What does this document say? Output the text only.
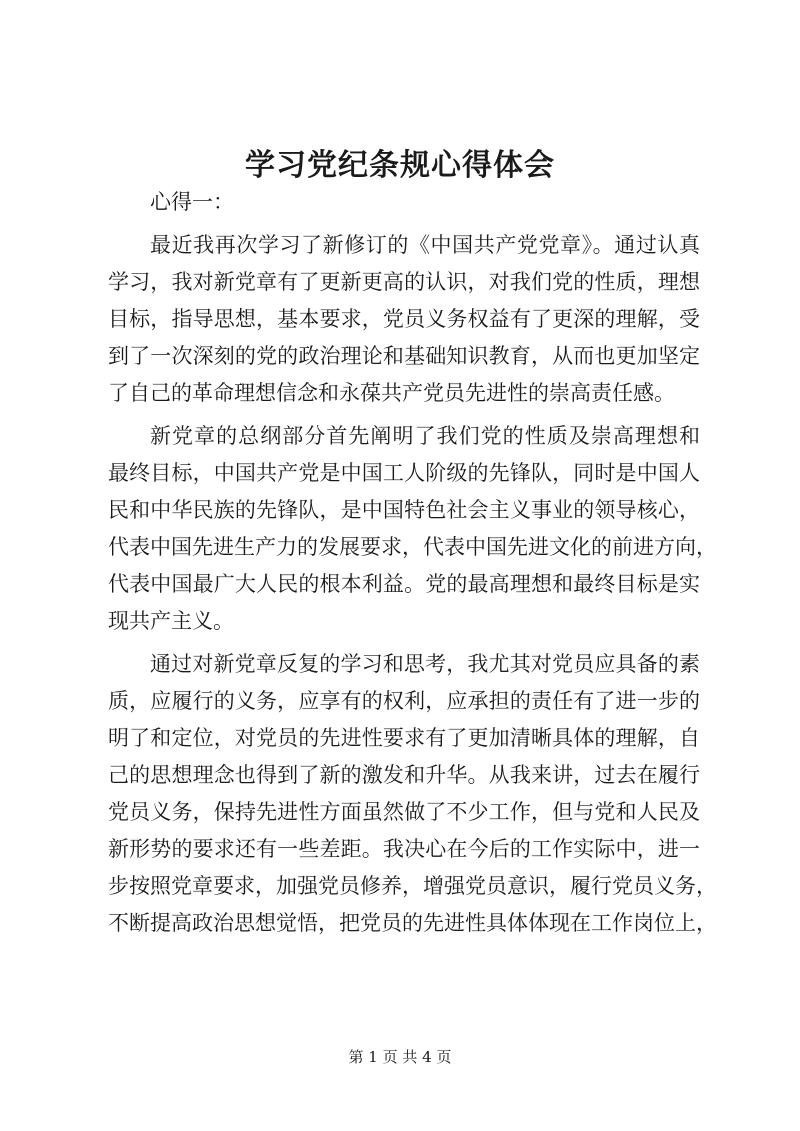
学习党纪条规心得体会

心得一：

最近我再次学习了新修订的《中国共产党党章》。通过认真
学习，我对新党章有了更新更高的认识，对我们党的性质，理想
目标，指导思想，基本要求，党员义务权益有了更深的理解，受
到了一次深刻的党的政治理论和基础知识教育，从而也更加坚定
了自己的革命理想信念和永葆共产党员先进性的崇高责任感。
新党章的总纲部分首先阐明了我们党的性质及崇高理想和
最终目标，中国共产党是中国工人阶级的先锋队，同时是中国人
民和中华民族的先锋队，是中国特色社会主义事业的领导核心，
代表中国先进生产力的发展要求，代表中国先进文化的前进方向，
代表中国最广大人民的根本利益。党的最高理想和最终目标是实
现共产主义。
通过对新党章反复的学习和思考，我尤其对党员应具备的素
质，应履行的义务，应享有的权利，应承担的责任有了进一步的
明了和定位，对党员的先进性要求有了更加清晰具体的理解，自
己的思想理念也得到了新的激发和升华。从我来讲，过去在履行
党员义务，保持先进性方面虽然做了不少工作，但与党和人民及
新形势的要求还有一些差距。我决心在今后的工作实际中，进一
步按照党章要求，加强党员修养，增强党员意识，履行党员义务，
不断提高政治思想觉悟，把党员的先进性具体体现在工作岗位上，

第 1 页 共 4 页
